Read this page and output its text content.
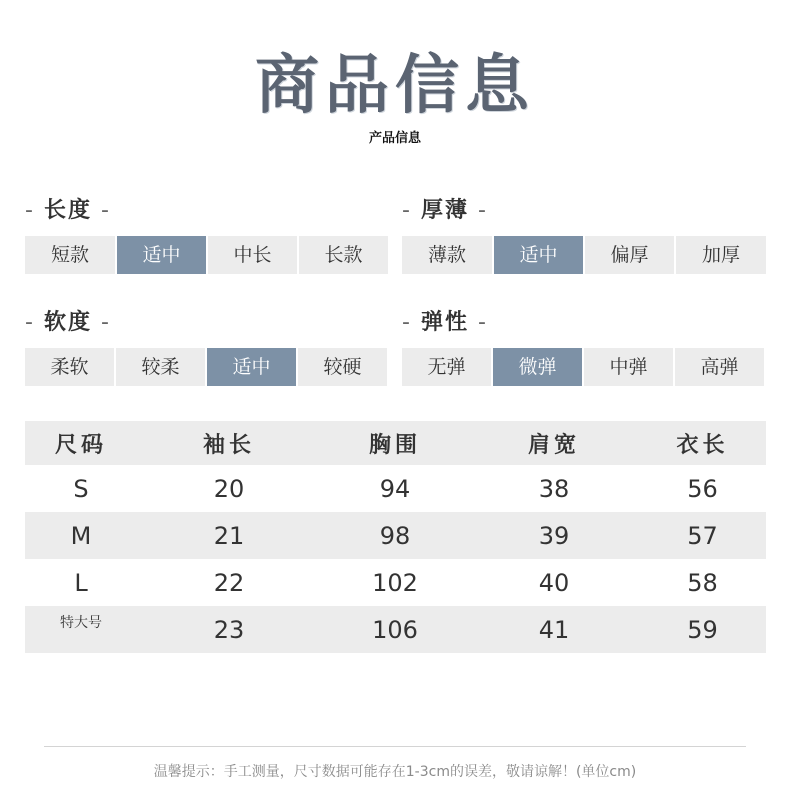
商品信息
产品信息
- 长度 -
短款	适中	中长	长款
- 厚薄 -
薄款	适中	偏厚	加厚
- 软度 -
柔软	较柔	适中	较硬
- 弹性 -
无弹	微弹	中弹	高弹
尺码	袖长	胸围	肩宽	衣长
S	20	94	38	56
M	21	98	39	57
L	22	102	40	58
特大号	23	106	41	59
温馨提示：手工测量，尺寸数据可能存在1-3cm的误差，敬请谅解！(单位cm)
